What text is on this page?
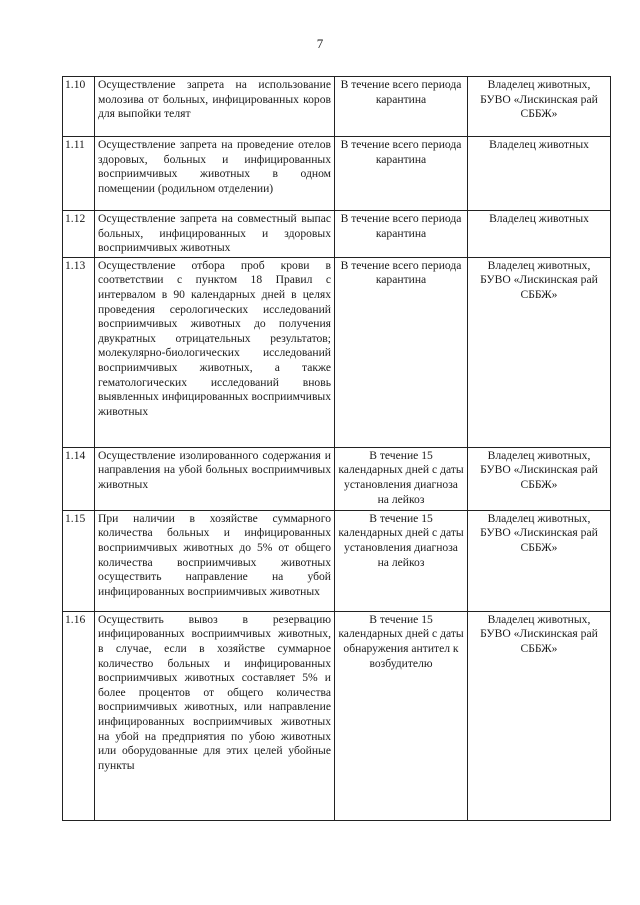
7
1.10	Осуществление запрета на использование молозива от больных, инфицированных коров для выпойки телят	В течение всего периода карантина	Владелец животных, БУВО «Лискинская рай СББЖ»
1.11	Осуществление запрета на проведение отелов здоровых, больных и инфицированных восприимчивых животных в одном помещении (родильном отделении)	В течение всего периода карантина	Владелец животных
1.12	Осуществление запрета на совместный выпас больных, инфицированных и здоровых восприимчивых животных	В течение всего периода карантина	Владелец животных
1.13	Осуществление отбора проб крови в соответствии с пунктом 18 Правил с интервалом в 90 календарных дней в целях проведения серологических исследований восприимчивых животных до получения двукратных отрицательных результатов; молекулярно-биологических исследований восприимчивых животных, а также гематологических исследований вновь выявленных инфицированных восприимчивых животных	В течение всего периода карантина	Владелец животных, БУВО «Лискинская рай СББЖ»
1.14	Осуществление изолированного содержания и направления на убой больных восприимчивых животных	В течение 15 календарных дней с даты установления диагноза на лейкоз	Владелец животных, БУВО «Лискинская рай СББЖ»
1.15	При наличии в хозяйстве суммарного количества больных и инфицированных восприимчивых животных до 5% от общего количества восприимчивых животных осуществить направление на убой инфицированных восприимчивых животных	В течение 15 календарных дней с даты установления диагноза на лейкоз	Владелец животных, БУВО «Лискинская рай СББЖ»
1.16	Осуществить вывоз в резервацию инфицированных восприимчивых животных, в случае, если в хозяйстве суммарное количество больных и инфицированных восприимчивых животных составляет 5% и более процентов от общего количества восприимчивых животных, или направление инфицированных восприимчивых животных на убой на предприятия по убою животных или оборудованные для этих целей убойные пункты	В течение 15 календарных дней с даты обнаружения антител к возбудителю	Владелец животных, БУВО «Лискинская рай СББЖ»
